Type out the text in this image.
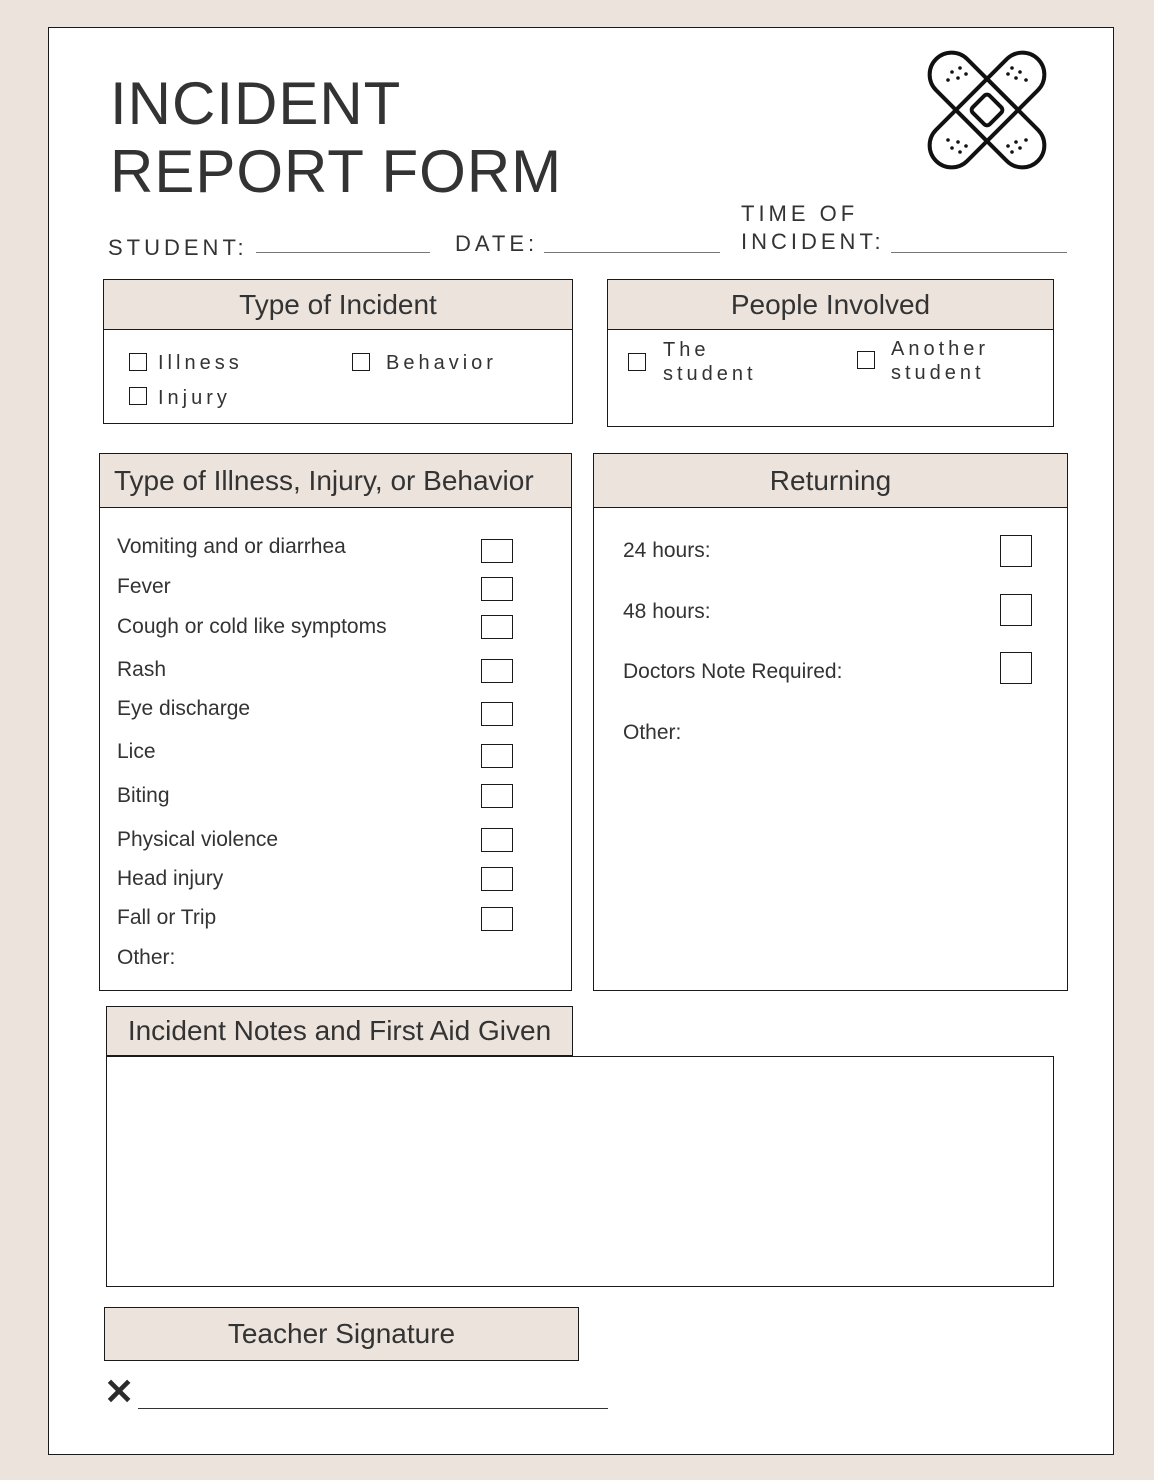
INCIDENT
REPORT FORM
STUDENT:	DATE:
TIME OF
INCIDENT:
Type of Incident
Illness	Behavior
Injury
People Involved
The
student
Another
student
Type of Illness, Injury, or Behavior
Vomiting and or diarrhea
Fever
Cough or cold like symptoms
Rash
Eye discharge
Lice
Biting
Physical violence
Head injury
Fall or Trip
Other:
Returning
24 hours:
48 hours:
Doctors Note Required:
Other:
Incident Notes and First Aid Given
Teacher Signature
✕
